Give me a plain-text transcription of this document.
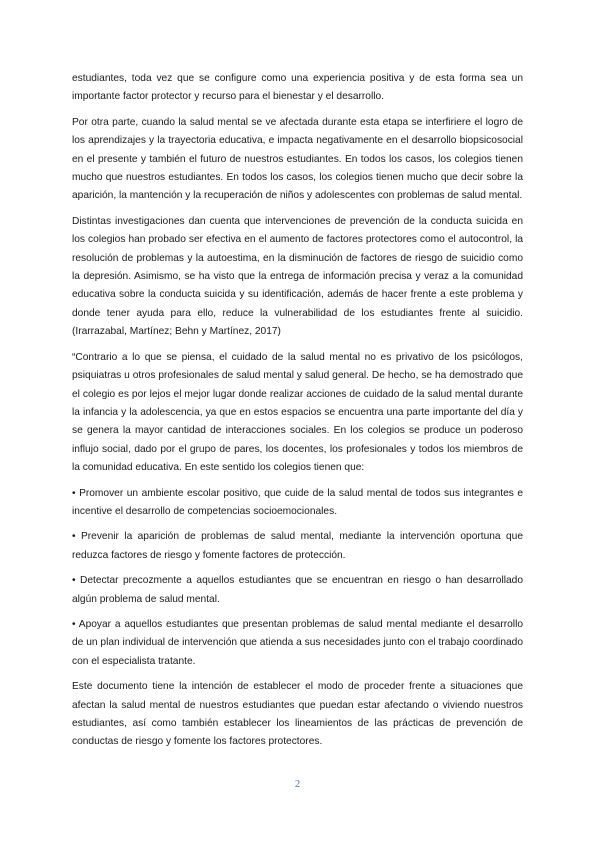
estudiantes, toda vez que se configure como una experiencia positiva y de esta forma sea un importante factor protector y recurso para el bienestar y el desarrollo.

Por otra parte, cuando la salud mental se ve afectada durante esta etapa se interfiriere el logro de los aprendizajes y la trayectoria educativa, e impacta negativamente en el desarrollo biopsicosocial en el presente y también el futuro de nuestros estudiantes. En todos los casos, los colegios tienen mucho que nuestros estudiantes. En todos los casos, los colegios tienen mucho que decir sobre la aparición, la mantención y la recuperación de niños y adolescentes con problemas de salud mental.

Distintas investigaciones dan cuenta que intervenciones de prevención de la conducta suicida en los colegios han probado ser efectiva en el aumento de factores protectores como el autocontrol, la resolución de problemas y la autoestima, en la disminución de factores de riesgo de suicidio como la depresión. Asimismo, se ha visto que la entrega de información precisa y veraz a la comunidad educativa sobre la conducta suicida y su identificación, además de hacer frente a este problema y donde tener ayuda para ello, reduce la vulnerabilidad de los estudiantes frente al suicidio. (Irarrazabal, Martínez; Behn y Martínez, 2017)

“Contrario a lo que se piensa, el cuidado de la salud mental no es privativo de los psicólogos, psiquiatras u otros profesionales de salud mental y salud general. De hecho, se ha demostrado que el colegio es por lejos el mejor lugar donde realizar acciones de cuidado de la salud mental durante la infancia y la adolescencia, ya que en estos espacios se encuentra una parte importante del día y se genera la mayor cantidad de interacciones sociales. En los colegios se produce un poderoso influjo social, dado por el grupo de pares, los docentes, los profesionales y todos los miembros de la comunidad educativa. En este sentido los colegios tienen que:

• Promover un ambiente escolar positivo, que cuide de la salud mental de todos sus integrantes e incentive el desarrollo de competencias socioemocionales.

• Prevenir la aparición de problemas de salud mental, mediante la intervención oportuna que reduzca factores de riesgo y fomente factores de protección.

• Detectar precozmente a aquellos estudiantes que se encuentran en riesgo o han desarrollado algún problema de salud mental.

• Apoyar a aquellos estudiantes que presentan problemas de salud mental mediante el desarrollo de un plan individual de intervención que atienda a sus necesidades junto con el trabajo coordinado con el especialista tratante.

Este documento tiene la intención de establecer el modo de proceder frente a situaciones que afectan la salud mental de nuestros estudiantes que puedan estar afectando o viviendo nuestros estudiantes, así como también establecer los lineamientos de las prácticas de prevención de conductas de riesgo y fomente los factores protectores.

2
